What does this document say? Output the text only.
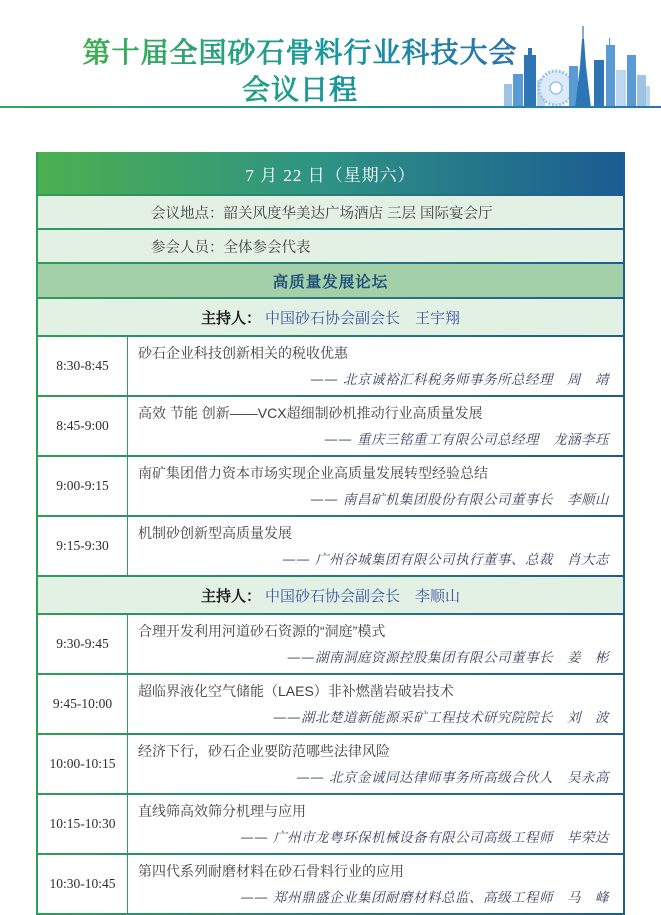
第十届全国砂石骨料行业科技大会
会议日程
7 月 22 日（星期六）
会议地点：韶关风度华美达广场酒店 三层 国际宴会厅
参会人员：全体参会代表
高质量发展论坛
主持人： 中国砂石协会副会长　王宇翔
8:30-8:45
砂石企业科技创新相关的税收优惠
—— 北京诚裕汇科税务师事务所总经理　周　靖
8:45-9:00
高效 节能 创新——VCX超细制砂机推动行业高质量发展
—— 重庆三铭重工有限公司总经理　龙涵李珏
9:00-9:15
南矿集团借力资本市场实现企业高质量发展转型经验总结
—— 南昌矿机集团股份有限公司董事长　李顺山
9:15-9:30
机制砂创新型高质量发展
—— 广州谷城集团有限公司执行董事、总裁　肖大志
主持人： 中国砂石协会副会长　李顺山
9:30-9:45
合理开发利用河道砂石资源的“洞庭”模式
——湖南洞庭资源控股集团有限公司董事长　姜　彬
9:45-10:00
超临界液化空气储能（LAES）非补燃凿岩破岩技术
——湖北楚道新能源采矿工程技术研究院院长　刘　波
10:00-10:15
经济下行，砂石企业要防范哪些法律风险
—— 北京金诚同达律师事务所高级合伙人　吴永高
10:15-10:30
直线筛高效筛分机理与应用
—— 广州市龙粤环保机械设备有限公司高级工程师　毕荣达
10:30-10:45
第四代系列耐磨材料在砂石骨料行业的应用
—— 郑州鼎盛企业集团耐磨材料总监、高级工程师　马　峰
